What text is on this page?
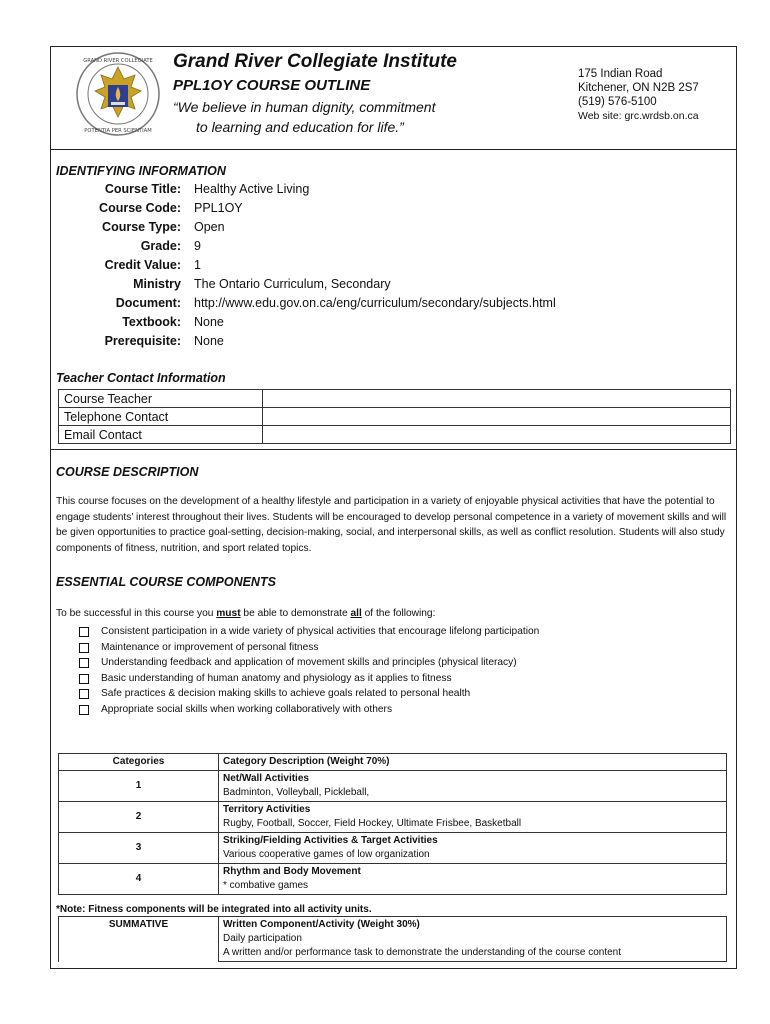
GRAND RIVER COLLEGIATE
POTENTIA PER SCIENTIAM
Grand River Collegiate Institute
PPL1OY COURSE OUTLINE
“We believe in human dignity, commitment
to learning and education for life.”
175 Indian Road
Kitchener, ON N2B 2S7
(519) 576-5100
Web site: grc.wrdsb.on.ca
IDENTIFYING INFORMATION
Course Title: Healthy Active Living
Course Code: PPL1OY
Course Type: Open
Grade: 9
Credit Value: 1
Ministry The Ontario Curriculum, Secondary
Document: http://www.edu.gov.on.ca/eng/curriculum/secondary/subjects.html
Textbook: None
Prerequisite: None
Teacher Contact Information
Course Teacher	
Telephone Contact	
Email Contact	
COURSE DESCRIPTION
This course focuses on the development of a healthy lifestyle and participation in a variety of enjoyable physical activities that have the potential to engage students’ interest throughout their lives. Students will be encouraged to develop personal competence in a variety of movement skills and will be given opportunities to practice goal-setting, decision-making, social, and interpersonal skills, as well as conflict resolution. Students will also study components of fitness, nutrition, and sport related topics.
ESSENTIAL COURSE COMPONENTS
To be successful in this course you must be able to demonstrate all of the following:
Consistent participation in a wide variety of physical activities that encourage lifelong participation
Maintenance or improvement of personal fitness
Understanding feedback and application of movement skills and principles (physical literacy)
Basic understanding of human anatomy and physiology as it applies to fitness
Safe practices & decision making skills to achieve goals related to personal health
Appropriate social skills when working collaboratively with others
Categories	Category Description (Weight 70%)
1	Net/Wall Activities
Badminton, Volleyball, Pickleball,

2	Territory Activities
Rugby, Football, Soccer, Field Hockey, Ultimate Frisbee, Basketball

3	Striking/Fielding Activities & Target Activities
Various cooperative games of low organization

4	Rhythm and Body Movement
* combative games
*Note: Fitness components will be integrated into all activity units.
SUMMATIVE	Written Component/Activity (Weight 30%)
Daily participation
A written and/or performance task to demonstrate the understanding of the course content
